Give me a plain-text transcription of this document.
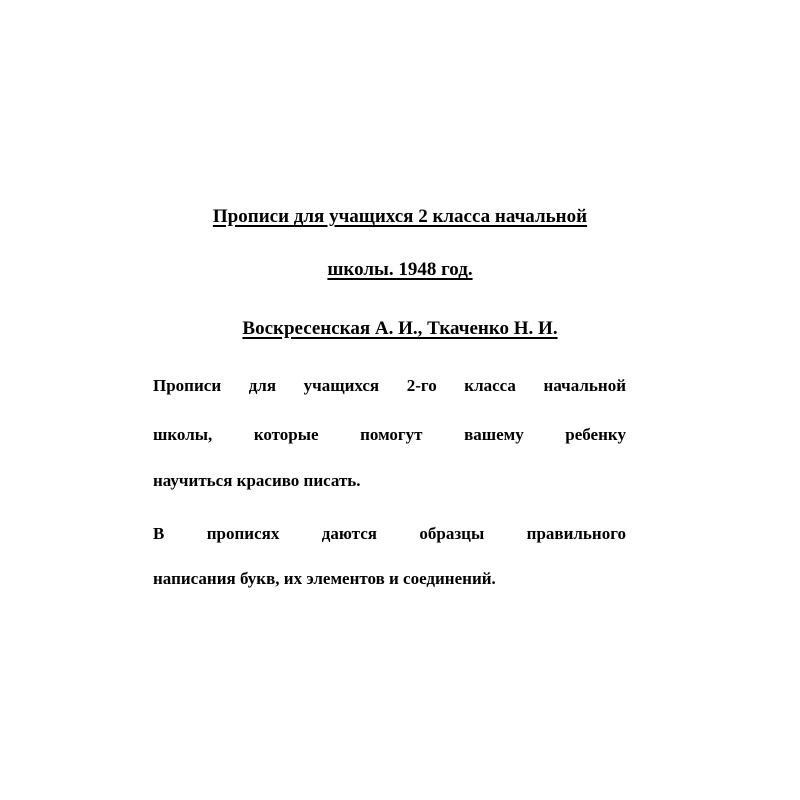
Прописи для учащихся 2 класса начальной
школы. 1948 год.
Воскресенская А. И., Ткаченко Н. И.
Прописи для учащихся 2-го класса начальной
школы, которые помогут вашему ребенку
научиться красиво писать.
В прописях даются образцы правильного
написания букв, их элементов и соединений.
